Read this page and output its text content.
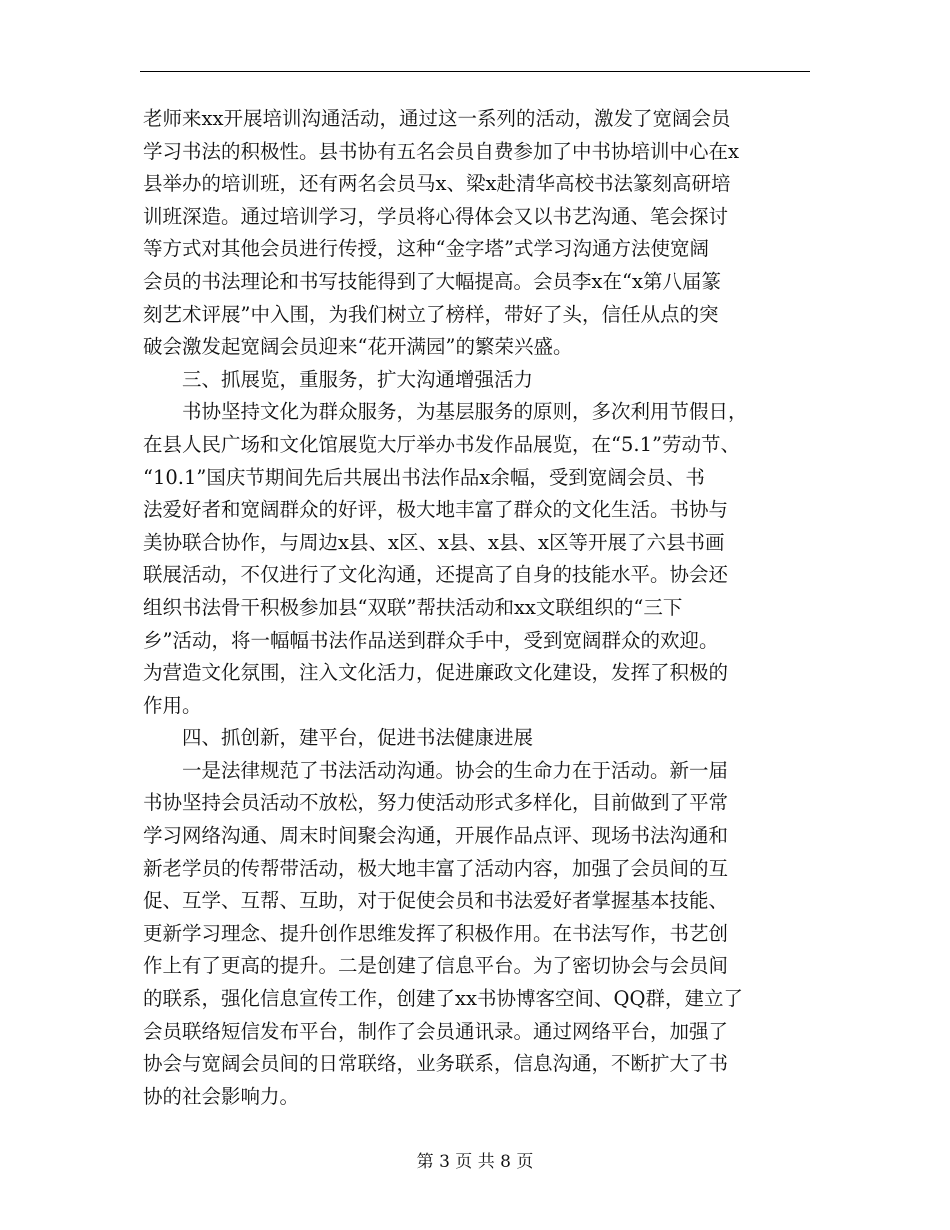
老师来xx开展培训沟通活动，通过这一系列的活动，激发了宽阔会员
学习书法的积极性。县书协有五名会员自费参加了中书协培训中心在x
县举办的培训班，还有两名会员马x、梁x赴清华高校书法篆刻高研培
训班深造。通过培训学习，学员将心得体会又以书艺沟通、笔会探讨
等方式对其他会员进行传授，这种“金字塔”式学习沟通方法使宽阔
会员的书法理论和书写技能得到了大幅提高。会员李x在“x第八届篆
刻艺术评展”中入围，为我们树立了榜样，带好了头，信任从点的突
破会激发起宽阔会员迎来“花开满园”的繁荣兴盛。
三、抓展览，重服务，扩大沟通增强活力
书协坚持文化为群众服务，为基层服务的原则，多次利用节假日，
在县人民广场和文化馆展览大厅举办书发作品展览，在“5.1”劳动节、
“10.1”国庆节期间先后共展出书法作品x余幅，受到宽阔会员、书
法爱好者和宽阔群众的好评，极大地丰富了群众的文化生活。书协与
美协联合协作，与周边x县、x区、x县、x县、x区等开展了六县书画
联展活动，不仅进行了文化沟通，还提高了自身的技能水平。协会还
组织书法骨干积极参加县“双联”帮扶活动和xx文联组织的“三下
乡”活动，将一幅幅书法作品送到群众手中，受到宽阔群众的欢迎。
为营造文化氛围，注入文化活力，促进廉政文化建设，发挥了积极的
作用。
四、抓创新，建平台，促进书法健康进展
一是法律规范了书法活动沟通。协会的生命力在于活动。新一届
书协坚持会员活动不放松，努力使活动形式多样化，目前做到了平常
学习网络沟通、周末时间聚会沟通，开展作品点评、现场书法沟通和
新老学员的传帮带活动，极大地丰富了活动内容，加强了会员间的互
促、互学、互帮、互助，对于促使会员和书法爱好者掌握基本技能、
更新学习理念、提升创作思维发挥了积极作用。在书法写作，书艺创
作上有了更高的提升。二是创建了信息平台。为了密切协会与会员间
的联系，强化信息宣传工作，创建了xx书协博客空间、QQ群，建立了
会员联络短信发布平台，制作了会员通讯录。通过网络平台，加强了
协会与宽阔会员间的日常联络，业务联系，信息沟通，不断扩大了书
协的社会影响力。
第 3 页 共 8 页
